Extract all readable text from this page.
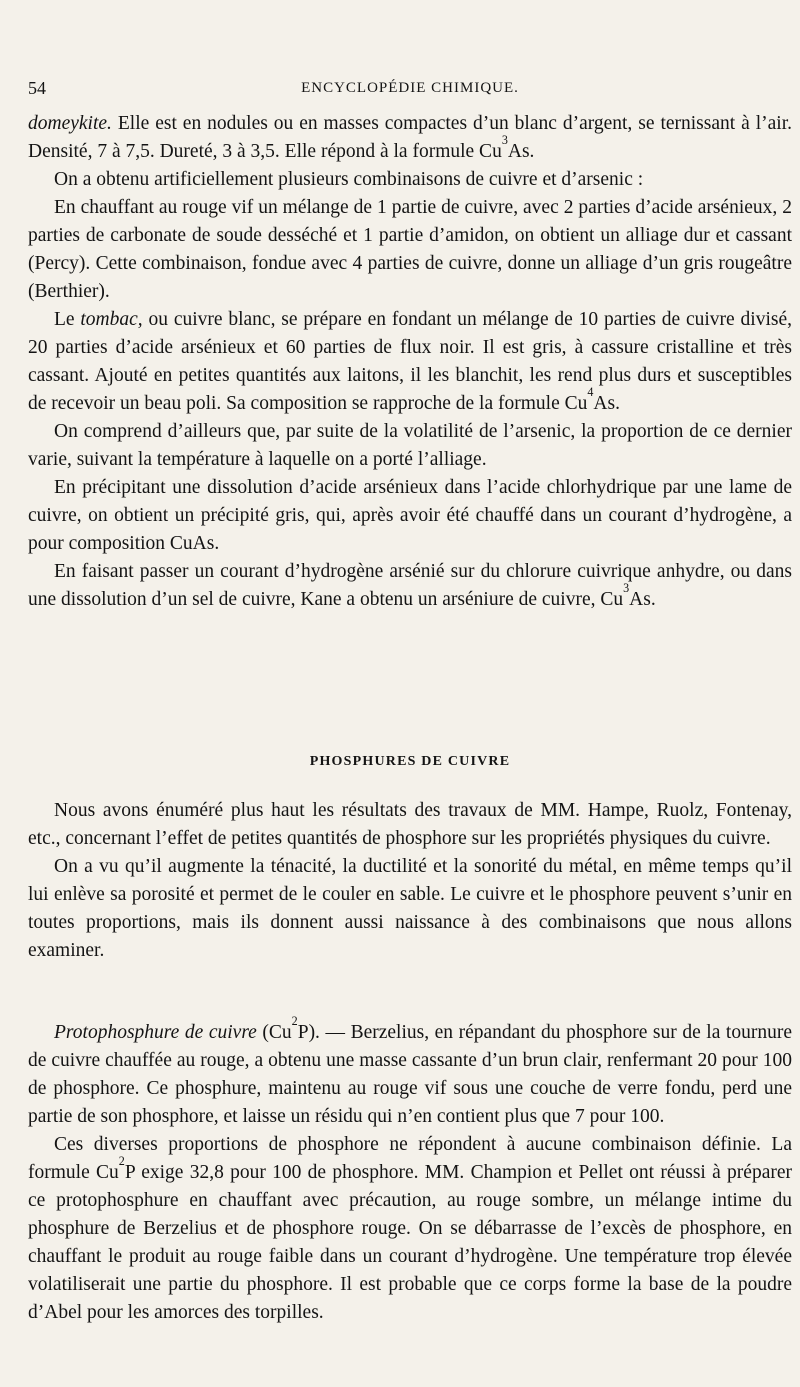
54	ENCYCLOPÉDIE CHIMIQUE.

domeykite. Elle est en nodules ou en masses compactes d’un blanc d’argent, se ternissant à l’air. Densité, 7 à 7,5. Dureté, 3 à 3,5. Elle répond à la formule Cu$^3$As.

On a obtenu artificiellement plusieurs combinaisons de cuivre et d’arsenic :

En chauffant au rouge vif un mélange de 1 partie de cuivre, avec 2 parties d’acide arsénieux, 2 parties de carbonate de soude desséché et 1 partie d’amidon, on obtient un alliage dur et cassant (Percy). Cette combinaison, fondue avec 4 parties de cuivre, donne un alliage d’un gris rougeâtre (Berthier).

Le tombac, ou cuivre blanc, se prépare en fondant un mélange de 10 parties de cuivre divisé, 20 parties d’acide arsénieux et 60 parties de flux noir. Il est gris, à cassure cristalline et très cassant. Ajouté en petites quantités aux laitons, il les blanchit, les rend plus durs et susceptibles de recevoir un beau poli. Sa composition se rapproche de la formule Cu$^4$As.

On comprend d’ailleurs que, par suite de la volatilité de l’arsenic, la proportion de ce dernier varie, suivant la température à laquelle on a porté l’alliage.

En précipitant une dissolution d’acide arsénieux dans l’acide chlorhydrique par une lame de cuivre, on obtient un précipité gris, qui, après avoir été chauffé dans un courant d’hydrogène, a pour composition CuAs.

En faisant passer un courant d’hydrogène arsénié sur du chlorure cuivrique anhydre, ou dans une dissolution d’un sel de cuivre, Kane a obtenu un arséniure de cuivre, Cu$^3$As.

PHOSPHURES DE CUIVRE

Nous avons énuméré plus haut les résultats des travaux de MM. Hampe, Ruolz, Fontenay, etc., concernant l’effet de petites quantités de phosphore sur les propriétés physiques du cuivre.

On a vu qu’il augmente la ténacité, la ductilité et la sonorité du métal, en même temps qu’il lui enlève sa porosité et permet de le couler en sable. Le cuivre et le phosphore peuvent s’unir en toutes proportions, mais ils donnent aussi naissance à des combinaisons que nous allons examiner.

Protophosphure de cuivre (Cu$^2$P). — Berzelius, en répandant du phosphore sur de la tournure de cuivre chauffée au rouge, a obtenu une masse cassante d’un brun clair, renfermant 20 pour 100 de phosphore. Ce phosphure, maintenu au rouge vif sous une couche de verre fondu, perd une partie de son phosphore, et laisse un résidu qui n’en contient plus que 7 pour 100.

Ces diverses proportions de phosphore ne répondent à aucune combinaison définie. La formule Cu$^2$P exige 32,8 pour 100 de phosphore. MM. Champion et Pellet ont réussi à préparer ce protophosphure en chauffant avec précaution, au rouge sombre, un mélange intime du phosphure de Berzelius et de phosphore rouge. On se débarrasse de l’excès de phosphore, en chauffant le produit au rouge faible dans un courant d’hydrogène. Une température trop élevée volatiliserait une partie du phosphore. Il est probable que ce corps forme la base de la poudre d’Abel pour les amorces des torpilles.
